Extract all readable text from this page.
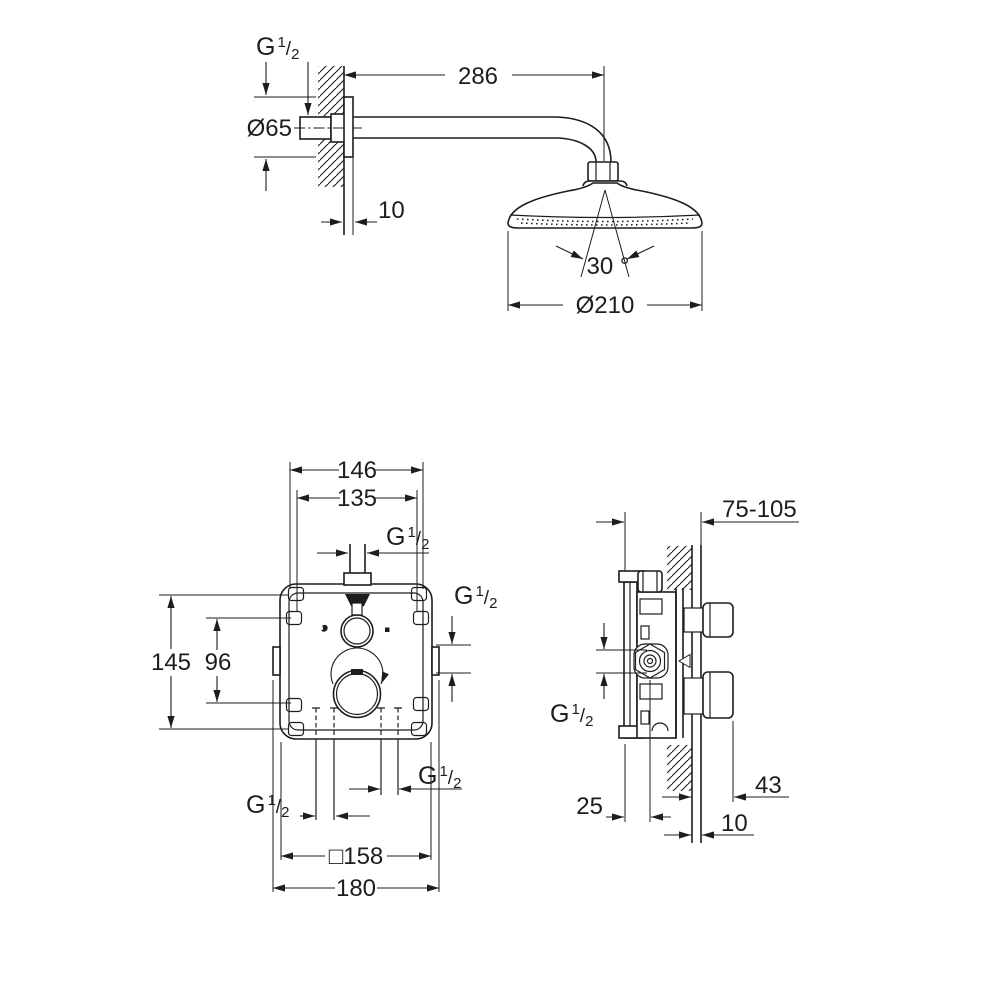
30 °
286
G $^1_/$2
Ø65
10
Ø210
146
135
G $^1_/$2
145 96
G $^1_/$2
G $^1_/$2
G $^1_/$2
□158
180
75-105
G $^1_/$2
25
43
10
